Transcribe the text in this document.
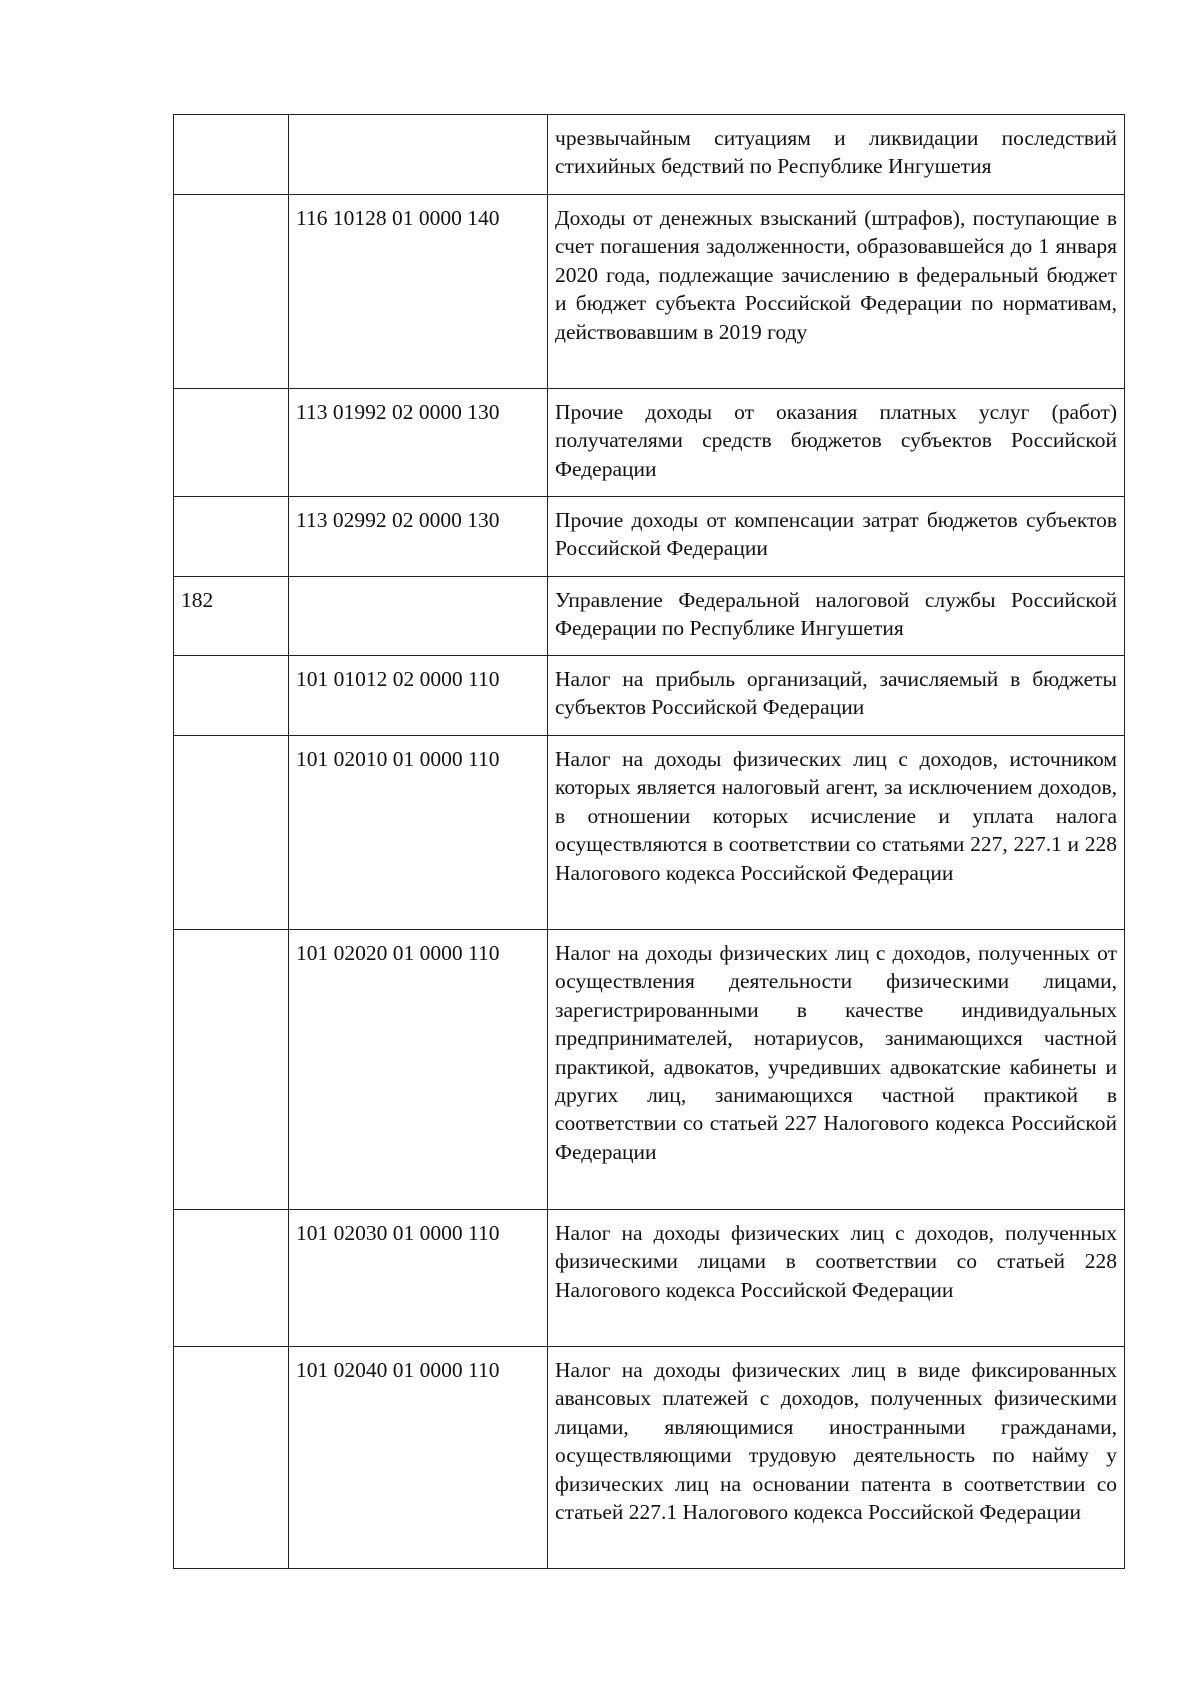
		чрезвычайным ситуациям и ликвидации последствий стихийных бедствий по Республике Ингушетия
	116 10128 01 0000 140	Доходы от денежных взысканий (штрафов), поступающие в счет погашения задолженности, образовавшейся до 1 января 2020 года, подлежащие зачислению в федеральный бюджет и бюджет субъекта Российской Федерации по нормативам, действовавшим в 2019 году
	113 01992 02 0000 130	Прочие доходы от оказания платных услуг (работ) получателями средств бюджетов субъектов Российской Федерации
	113 02992 02 0000 130	Прочие доходы от компенсации затрат бюджетов субъектов Российской Федерации
182		Управление Федеральной налоговой службы Российской Федерации по Республике Ингушетия
	101 01012 02 0000 110	Налог на прибыль организаций, зачисляемый в бюджеты субъектов Российской Федерации
	101 02010 01 0000 110	Налог на доходы физических лиц с доходов, источником которых является налоговый агент, за исключением доходов, в отношении которых исчисление и уплата налога осуществляются в соответствии со статьями 227, 227.1 и 228 Налогового кодекса Российской Федерации
	101 02020 01 0000 110	Налог на доходы физических лиц с доходов, полученных от осуществления деятельности физическими лицами, зарегистрированными в качестве индивидуальных предпринимателей, нотариусов, занимающихся частной практикой, адвокатов, учредивших адвокатские кабинеты и других лиц, занимающихся частной практикой в соответствии со статьей 227 Налогового кодекса Российской Федерации
	101 02030 01 0000 110	Налог на доходы физических лиц с доходов, полученных физическими лицами в соответствии со статьей 228 Налогового кодекса Российской Федерации
	101 02040 01 0000 110	Налог на доходы физических лиц в виде фиксированных авансовых платежей с доходов, полученных физическими лицами, являющимися иностранными гражданами, осуществляющими трудовую деятельность по найму у физических лиц на основании патента в соответствии со статьей 227.1 Налогового кодекса Российской Федерации
